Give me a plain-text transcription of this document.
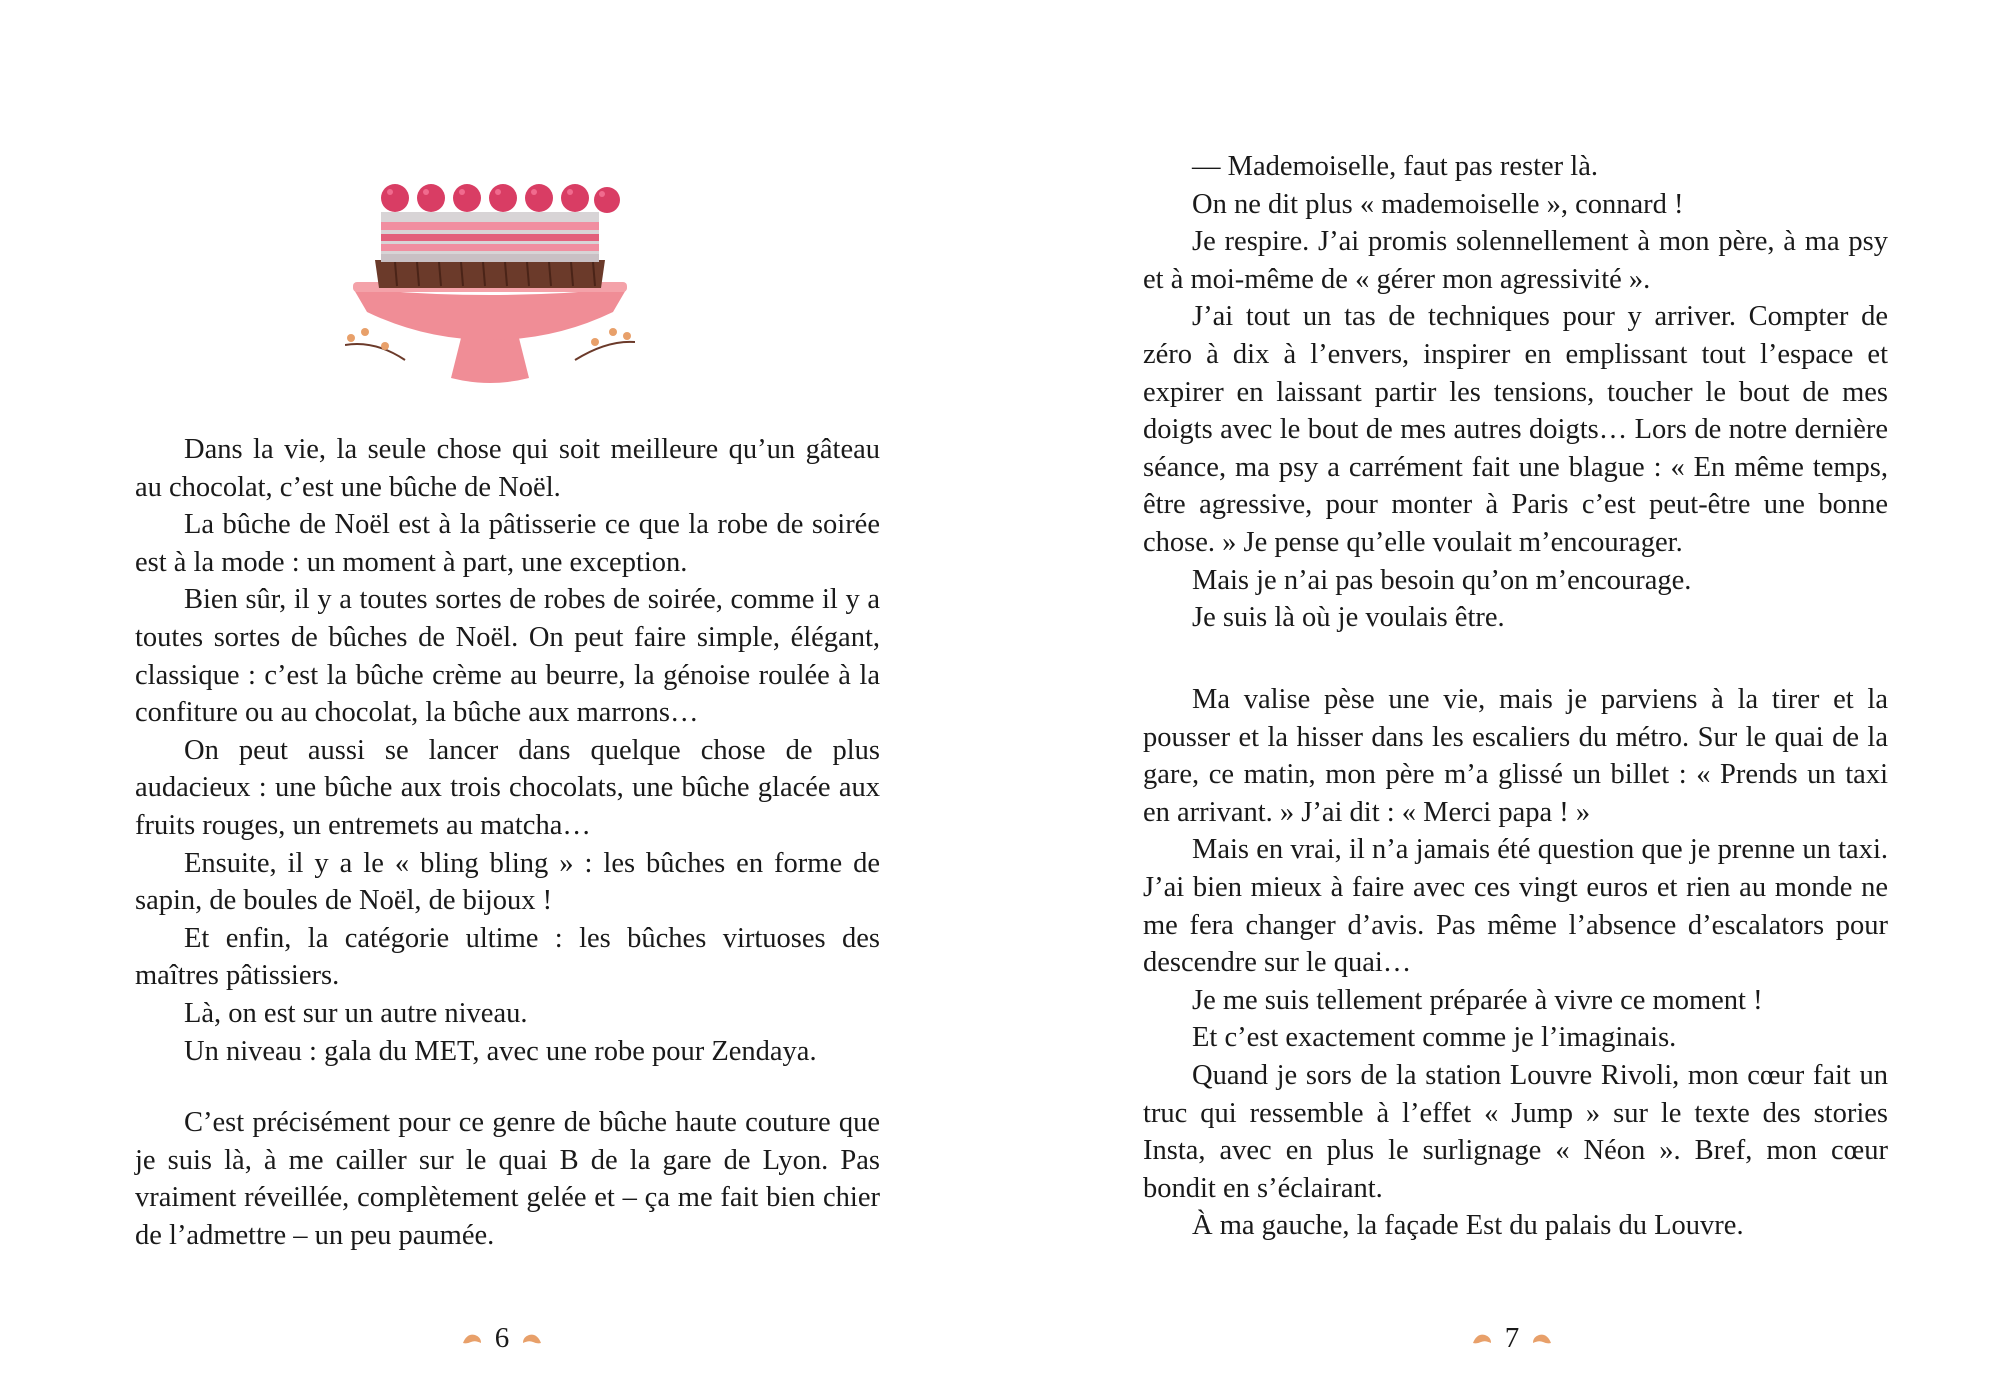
Dans la vie, la seule chose qui soit meilleure qu’un gâteau au chocolat, c’est une bûche de Noël.

La bûche de Noël est à la pâtisserie ce que la robe de soirée est à la mode : un moment à part, une exception.

Bien sûr, il y a toutes sortes de robes de soirée, comme il y a toutes sortes de bûches de Noël. On peut faire simple, élégant, classique : c’est la bûche crème au beurre, la génoise roulée à la confiture ou au chocolat, la bûche aux marrons…

On peut aussi se lancer dans quelque chose de plus audacieux : une bûche aux trois chocolats, une bûche glacée aux fruits rouges, un entremets au matcha…

Ensuite, il y a le « bling bling » : les bûches en forme de sapin, de boules de Noël, de bijoux !

Et enfin, la catégorie ultime : les bûches virtuoses des maîtres pâtissiers.

Là, on est sur un autre niveau.

Un niveau : gala du MET, avec une robe pour Zendaya.

C’est précisément pour ce genre de bûche haute couture que je suis là, à me cailler sur le quai B de la gare de Lyon. Pas vraiment réveillée, complètement gelée et – ça me fait bien chier de l’admettre – un peu paumée.

6

— Mademoiselle, faut pas rester là.

On ne dit plus « mademoiselle », connard !

Je respire. J’ai promis solennellement à mon père, à ma psy et à moi-même de « gérer mon agressivité ».

J’ai tout un tas de techniques pour y arriver. Compter de zéro à dix à l’envers, inspirer en emplissant tout l’espace et expirer en laissant partir les tensions, toucher le bout de mes doigts avec le bout de mes autres doigts… Lors de notre dernière séance, ma psy a carrément fait une blague : « En même temps, être agressive, pour monter à Paris c’est peut-être une bonne chose. » Je pense qu’elle voulait m’encourager.

Mais je n’ai pas besoin qu’on m’encourage.

Je suis là où je voulais être.

Ma valise pèse une vie, mais je parviens à la tirer et la pousser et la hisser dans les escaliers du métro. Sur le quai de la gare, ce matin, mon père m’a glissé un billet : « Prends un taxi en arrivant. » J’ai dit : « Merci papa ! »

Mais en vrai, il n’a jamais été question que je prenne un taxi. J’ai bien mieux à faire avec ces vingt euros et rien au monde ne me fera changer d’avis. Pas même l’absence d’escalators pour descendre sur le quai…

Je me suis tellement préparée à vivre ce moment !

Et c’est exactement comme je l’imaginais.

Quand je sors de la station Louvre Rivoli, mon cœur fait un truc qui ressemble à l’effet « Jump » sur le texte des stories Insta, avec en plus le surlignage « Néon ». Bref, mon cœur bondit en s’éclairant.

À ma gauche, la façade Est du palais du Louvre.

7
